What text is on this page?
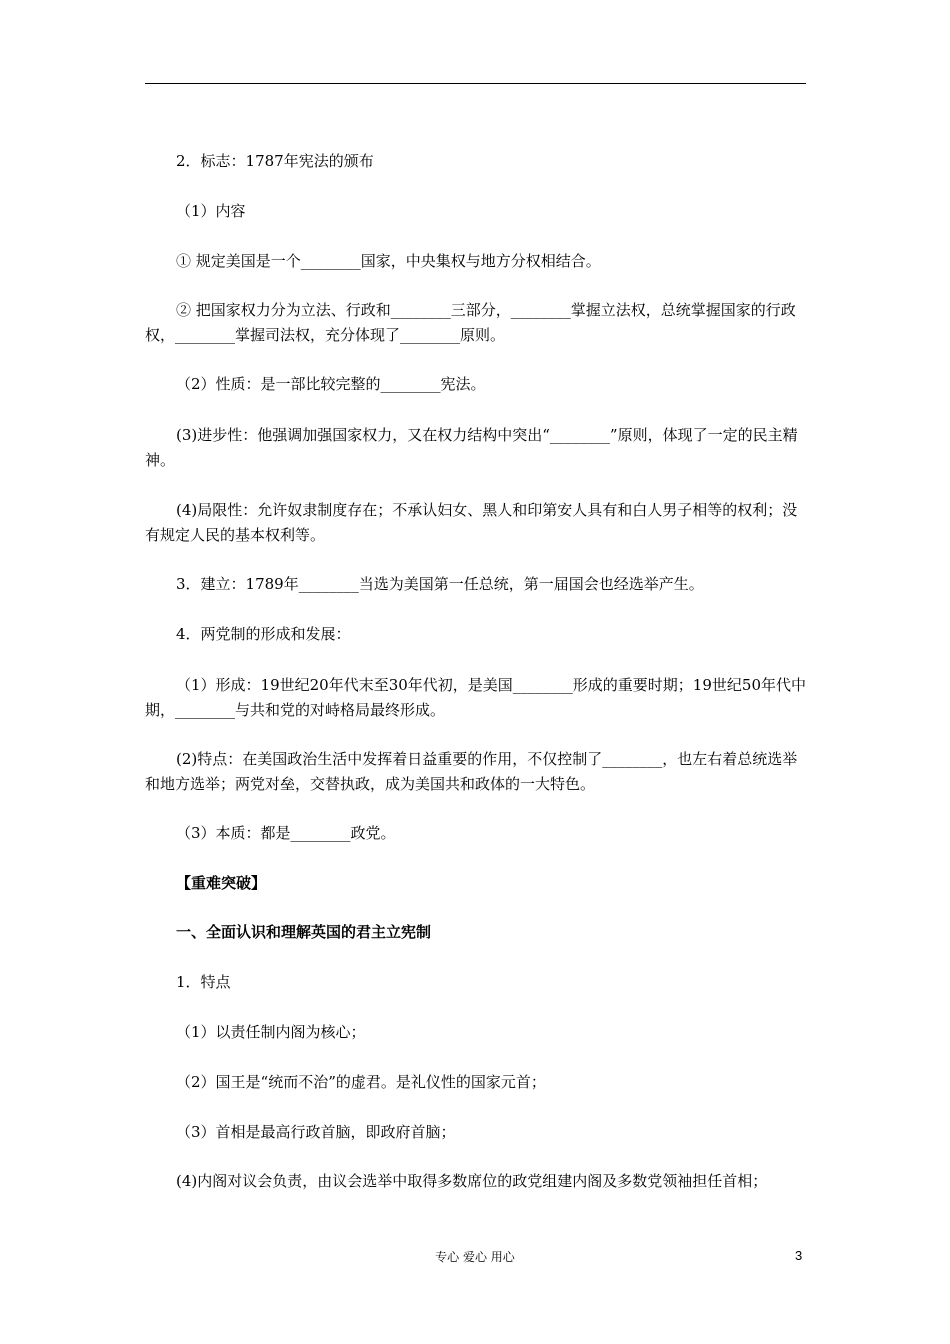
2．标志：1787年宪法的颁布

（1）内容

① 规定美国是一个________国家，中央集权与地方分权相结合。

② 把国家权力分为立法、行政和________三部分，________掌握立法权，总统掌握国家的行政权，________掌握司法权，充分体现了________原则。

（2）性质：是一部比较完整的________宪法。

(3)进步性：他强调加强国家权力，又在权力结构中突出“________”原则，体现了一定的民主精神。

(4)局限性：允许奴隶制度存在；不承认妇女、黑人和印第安人具有和白人男子相等的权利；没有规定人民的基本权利等。

3．建立：1789年________当选为美国第一任总统，第一届国会也经选举产生。

4．两党制的形成和发展：

（1）形成：19世纪20年代末至30年代初，是美国________形成的重要时期；19世纪50年代中期，________与共和党的对峙格局最终形成。

(2)特点：在美国政治生活中发挥着日益重要的作用，不仅控制了________，也左右着总统选举和地方选举；两党对垒，交替执政，成为美国共和政体的一大特色。

（3）本质：都是________政党。

【重难突破】

一、全面认识和理解英国的君主立宪制

1．特点

（1）以责任制内阁为核心；

（2）国王是“统而不治”的虚君。是礼仪性的国家元首；

（3）首相是最高行政首脑，即政府首脑；

(4)内阁对议会负责，由议会选举中取得多数席位的政党组建内阁及多数党领袖担任首相；

专心 爱心 用心	3
